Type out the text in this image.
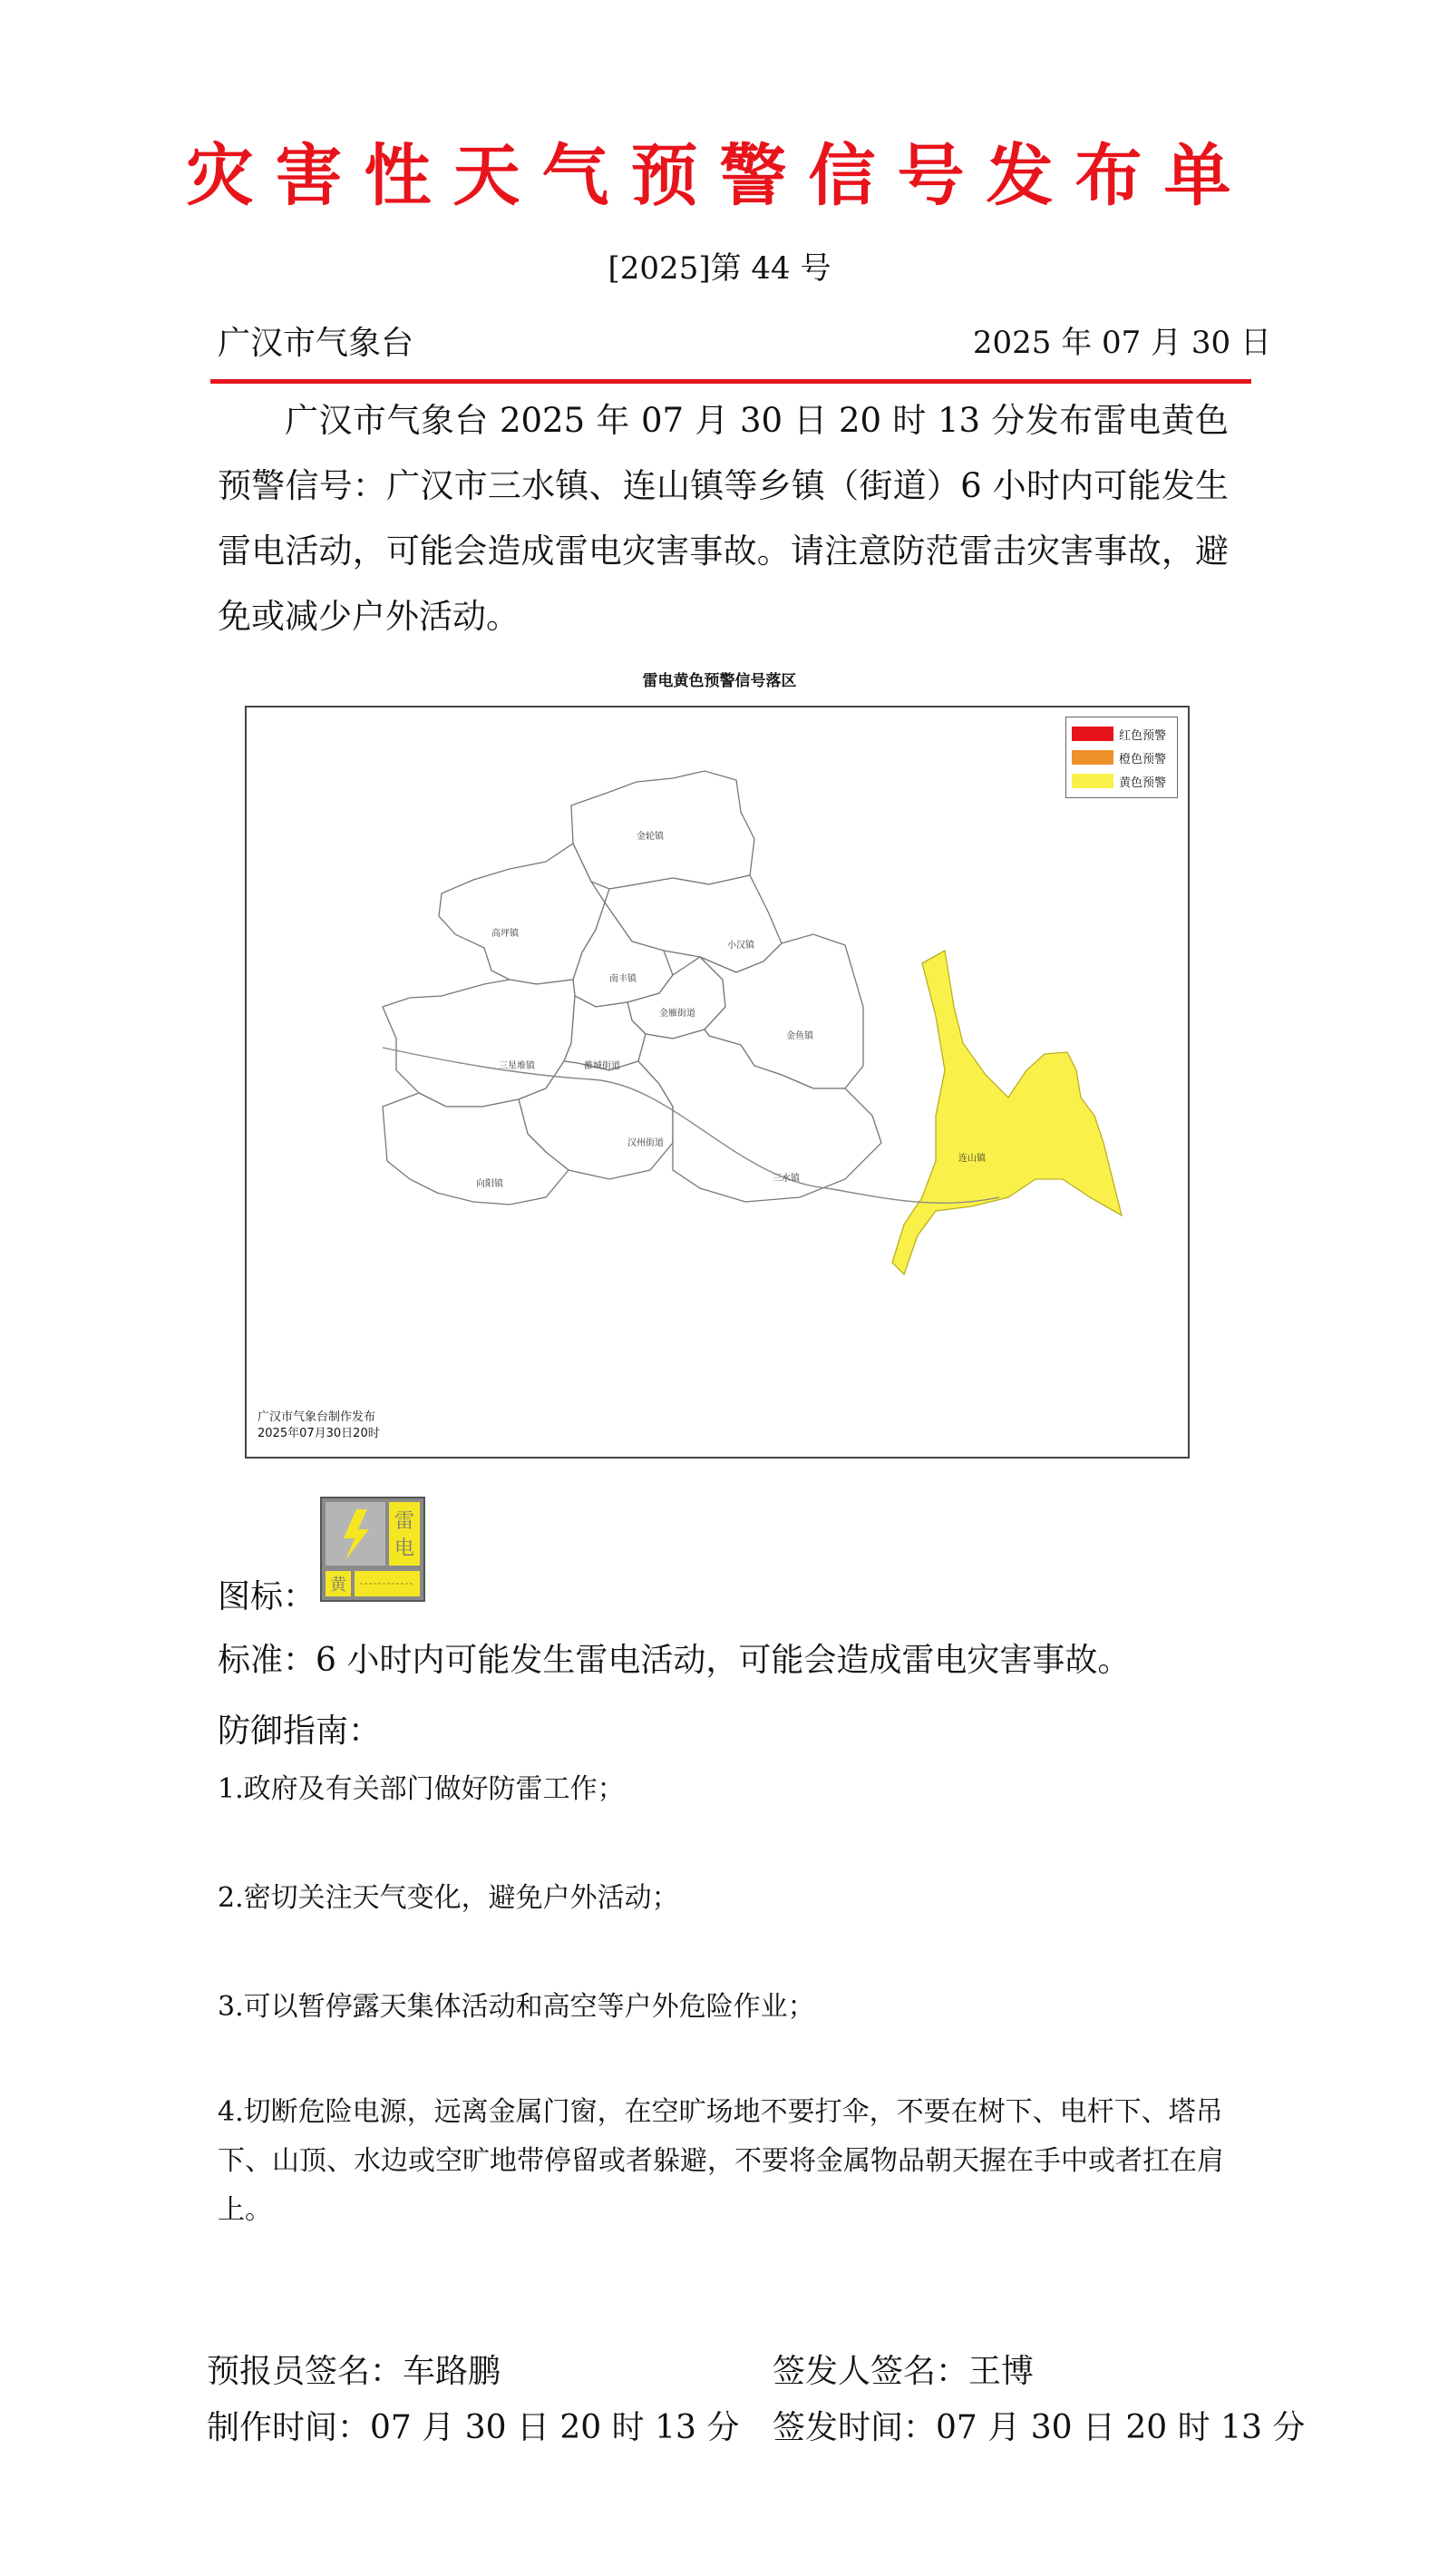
灾害性天气预警信号发布单
[2025]第 44 号
广汉市气象台	2025 年 07 月 30 日
广汉市气象台 2025 年 07 月 30 日 20 时 13 分发布雷电黄色预警信号：广汉市三水镇、连山镇等乡镇（街道）6 小时内可能发生雷电活动，可能会造成雷电灾害事故。请注意防范雷击灾害事故，避免或减少户外活动。
雷电黄色预警信号落区
金轮镇
高坪镇
小汉镇
南丰镇
金雁街道
金鱼镇
三星堆镇	雒城街道
汉州街道
向阳镇
三水镇
连山镇
红色预警
橙色预警
黄色预警
广汉市气象台制作发布
2025年07月30日20时
图标：
雷
电
黄
标准：6 小时内可能发生雷电活动，可能会造成雷电灾害事故。
防御指南：
1.政府及有关部门做好防雷工作；
2.密切关注天气变化，避免户外活动；
3.可以暂停露天集体活动和高空等户外危险作业；
4.切断危险电源，远离金属门窗，在空旷场地不要打伞，不要在树下、电杆下、塔吊下、山顶、水边或空旷地带停留或者躲避，不要将金属物品朝天握在手中或者扛在肩上。
预报员签名：车路鹏	签发人签名：王博
制作时间：07 月 30 日 20 时 13 分 签发时间：07 月 30 日 20 时 13 分
